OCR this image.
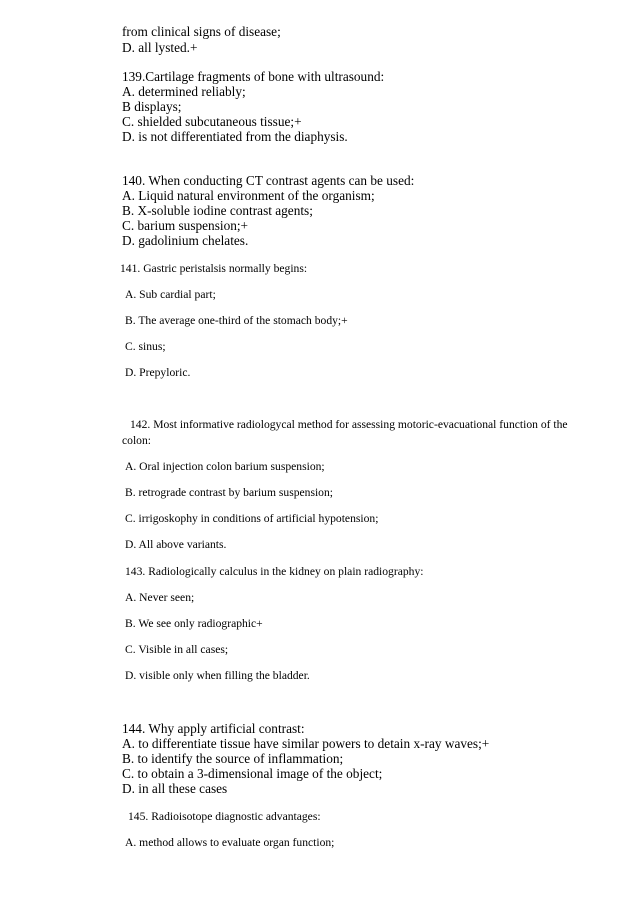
from clinical signs of disease;
D. all lysted.+
139.Cartilage fragments of bone with ultrasound:
A. determined reliably;
B displays;
C. shielded subcutaneous tissue;+
D. is not differentiated from the diaphysis.
140. When conducting CT contrast agents can be used:
A. Liquid natural environment of the organism;
B. X-soluble iodine contrast agents;
C. barium suspension;+
D. gadolinium chelates.
141. Gastric peristalsis normally begins:
A. Sub cardial part;
B. The average one-third of the stomach body;+
C. sinus;
D. Prepyloric.
142. Most informative radiologycal method for assessing motoric-evacuational function of the
colon:
A. Oral injection colon barium suspension;
B. retrograde contrast by barium suspension;
C. irrigoskophy in conditions of artificial hypotension;
D. All above variants.
143. Radiologically calculus in the kidney on plain radiography:
A. Never seen;
B. We see only radiographic+
C. Visible in all cases;
D. visible only when filling the bladder.
144. Why apply artificial contrast:
A. to differentiate tissue have similar powers to detain x-ray waves;+
B. to identify the source of inflammation;
C. to obtain a 3-dimensional image of the object;
D. in all these cases
145. Radioisotope diagnostic advantages:
A. method allows to evaluate organ function;
